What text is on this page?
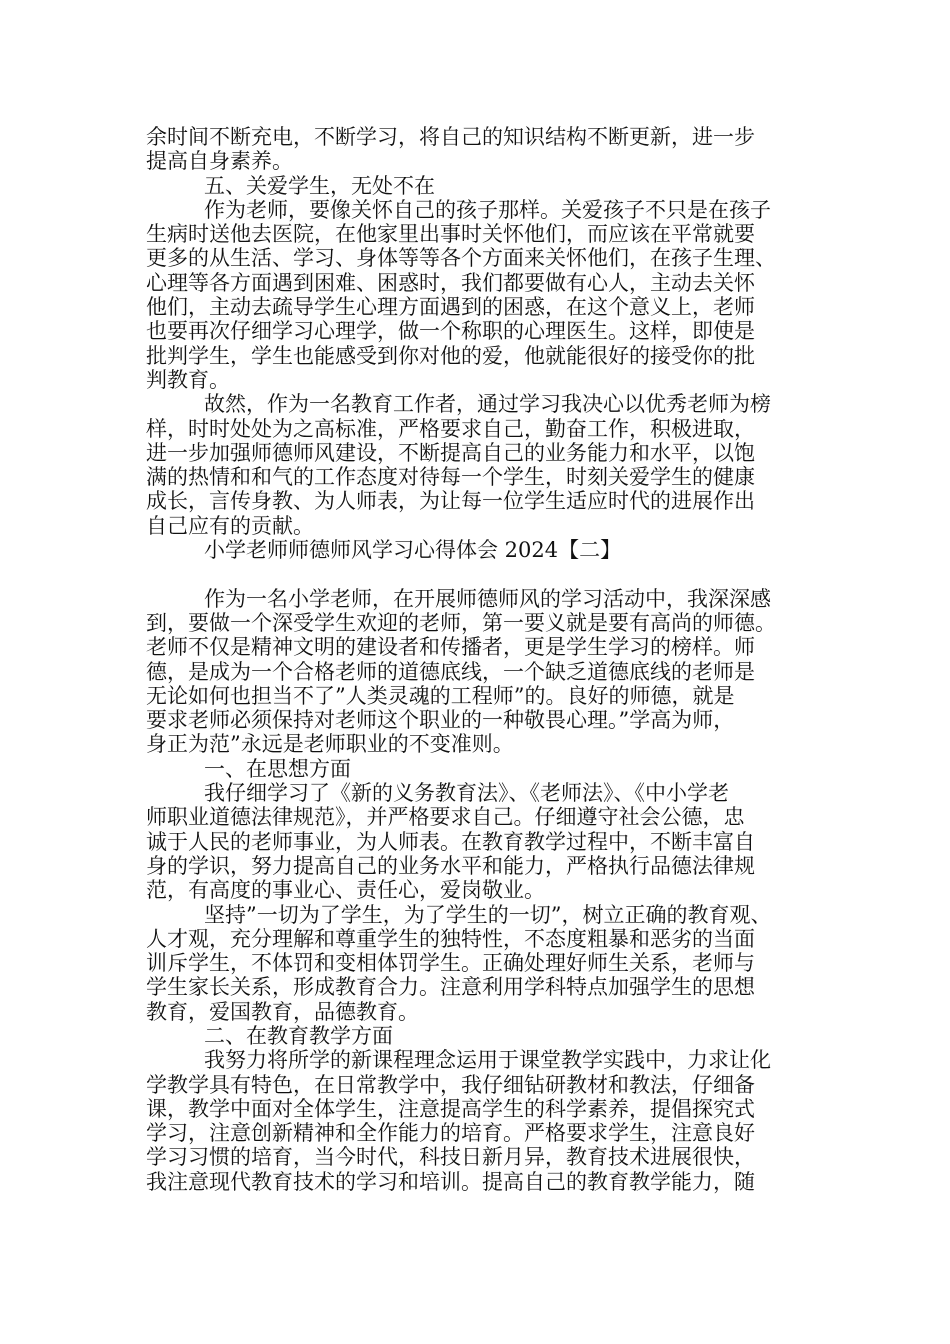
余时间不断充电，不断学习，将自己的知识结构不断更新，进一步
提高自身素养。
五、关爱学生，无处不在
作为老师，要像关怀自己的孩子那样。关爱孩子不只是在孩子
生病时送他去医院，在他家里出事时关怀他们，而应该在平常就要
更多的从生活、学习、身体等等各个方面来关怀他们，在孩子生理、
心理等各方面遇到困难、困惑时，我们都要做有心人，主动去关怀
他们，主动去疏导学生心理方面遇到的困惑，在这个意义上，老师
也要再次仔细学习心理学，做一个称职的心理医生。这样，即使是
批判学生，学生也能感受到你对他的爱，他就能很好的接受你的批
判教育。
故然，作为一名教育工作者，通过学习我决心以优秀老师为榜
样，时时处处为之高标准，严格要求自己，勤奋工作，积极进取，
进一步加强师德师风建设，不断提高自己的业务能力和水平，以饱
满的热情和和气的工作态度对待每一个学生，时刻关爱学生的健康
成长，言传身教、为人师表，为让每一位学生适应时代的进展作出
自己应有的贡献。
小学老师师德师风学习心得体会 2024【二】
作为一名小学老师，在开展师德师风的学习活动中，我深深感
到，要做一个深受学生欢迎的老师，第一要义就是要有高尚的师德。
老师不仅是精神文明的建设者和传播者，更是学生学习的榜样。师
德，是成为一个合格老师的道德底线，一个缺乏道德底线的老师是
无论如何也担当不了”人类灵魂的工程师”的。良好的师德，就是
要求老师必须保持对老师这个职业的一种敬畏心理。”学高为师，
身正为范”永远是老师职业的不变准则。
一、在思想方面
我仔细学习了《新的义务教育法》、《老师法》、《中小学老
师职业道德法律规范》，并严格要求自己。仔细遵守社会公德，忠
诚于人民的老师事业，为人师表。在教育教学过程中，不断丰富自
身的学识，努力提高自己的业务水平和能力，严格执行品德法律规
范，有高度的事业心、责任心，爱岗敬业。
坚持”一切为了学生，为了学生的一切”，树立正确的教育观、
人才观，充分理解和尊重学生的独特性，不态度粗暴和恶劣的当面
训斥学生，不体罚和变相体罚学生。正确处理好师生关系，老师与
学生家长关系，形成教育合力。注意利用学科特点加强学生的思想
教育，爱国教育，品德教育。
二、在教育教学方面
我努力将所学的新课程理念运用于课堂教学实践中，力求让化
学教学具有特色，在日常教学中，我仔细钻研教材和教法，仔细备
课，教学中面对全体学生，注意提高学生的科学素养，提倡探究式
学习，注意创新精神和全作能力的培育。严格要求学生，注意良好
学习习惯的培育，当今时代，科技日新月异，教育技术进展很快，
我注意现代教育技术的学习和培训。提高自己的教育教学能力，随
